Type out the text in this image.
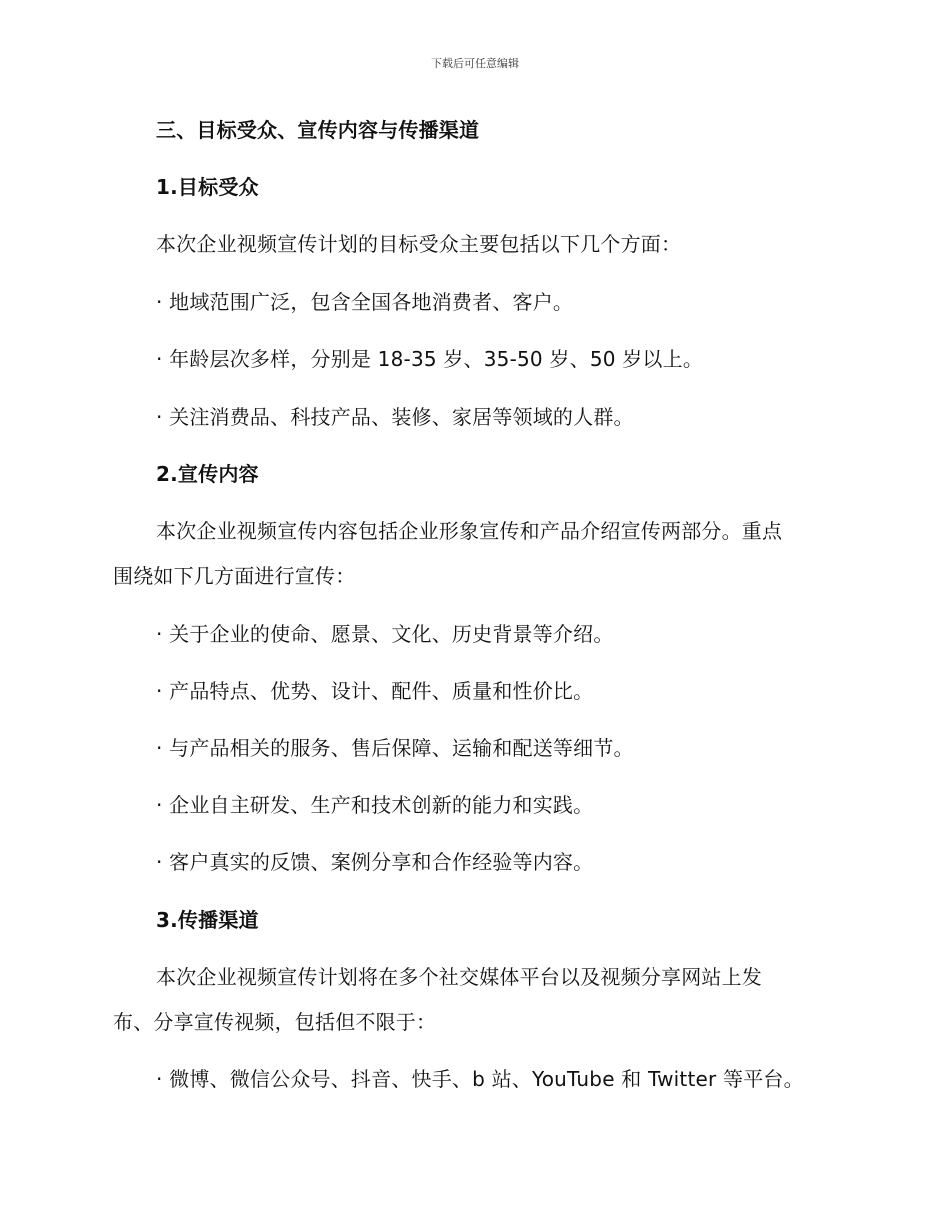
下载后可任意编辑
三、目标受众、宣传内容与传播渠道
1.目标受众
本次企业视频宣传计划的目标受众主要包括以下几个方面：
· 地域范围广泛，包含全国各地消费者、客户。
· 年龄层次多样，分别是 18-35 岁、35-50 岁、50 岁以上。
· 关注消费品、科技产品、装修、家居等领域的人群。
2.宣传内容
本次企业视频宣传内容包括企业形象宣传和产品介绍宣传两部分。重点
围绕如下几方面进行宣传：
· 关于企业的使命、愿景、文化、历史背景等介绍。
· 产品特点、优势、设计、配件、质量和性价比。
· 与产品相关的服务、售后保障、运输和配送等细节。
· 企业自主研发、生产和技术创新的能力和实践。
· 客户真实的反馈、案例分享和合作经验等内容。
3.传播渠道
本次企业视频宣传计划将在多个社交媒体平台以及视频分享网站上发
布、分享宣传视频，包括但不限于：
· 微博、微信公众号、抖音、快手、b 站、YouTube 和 Twitter 等平台。
